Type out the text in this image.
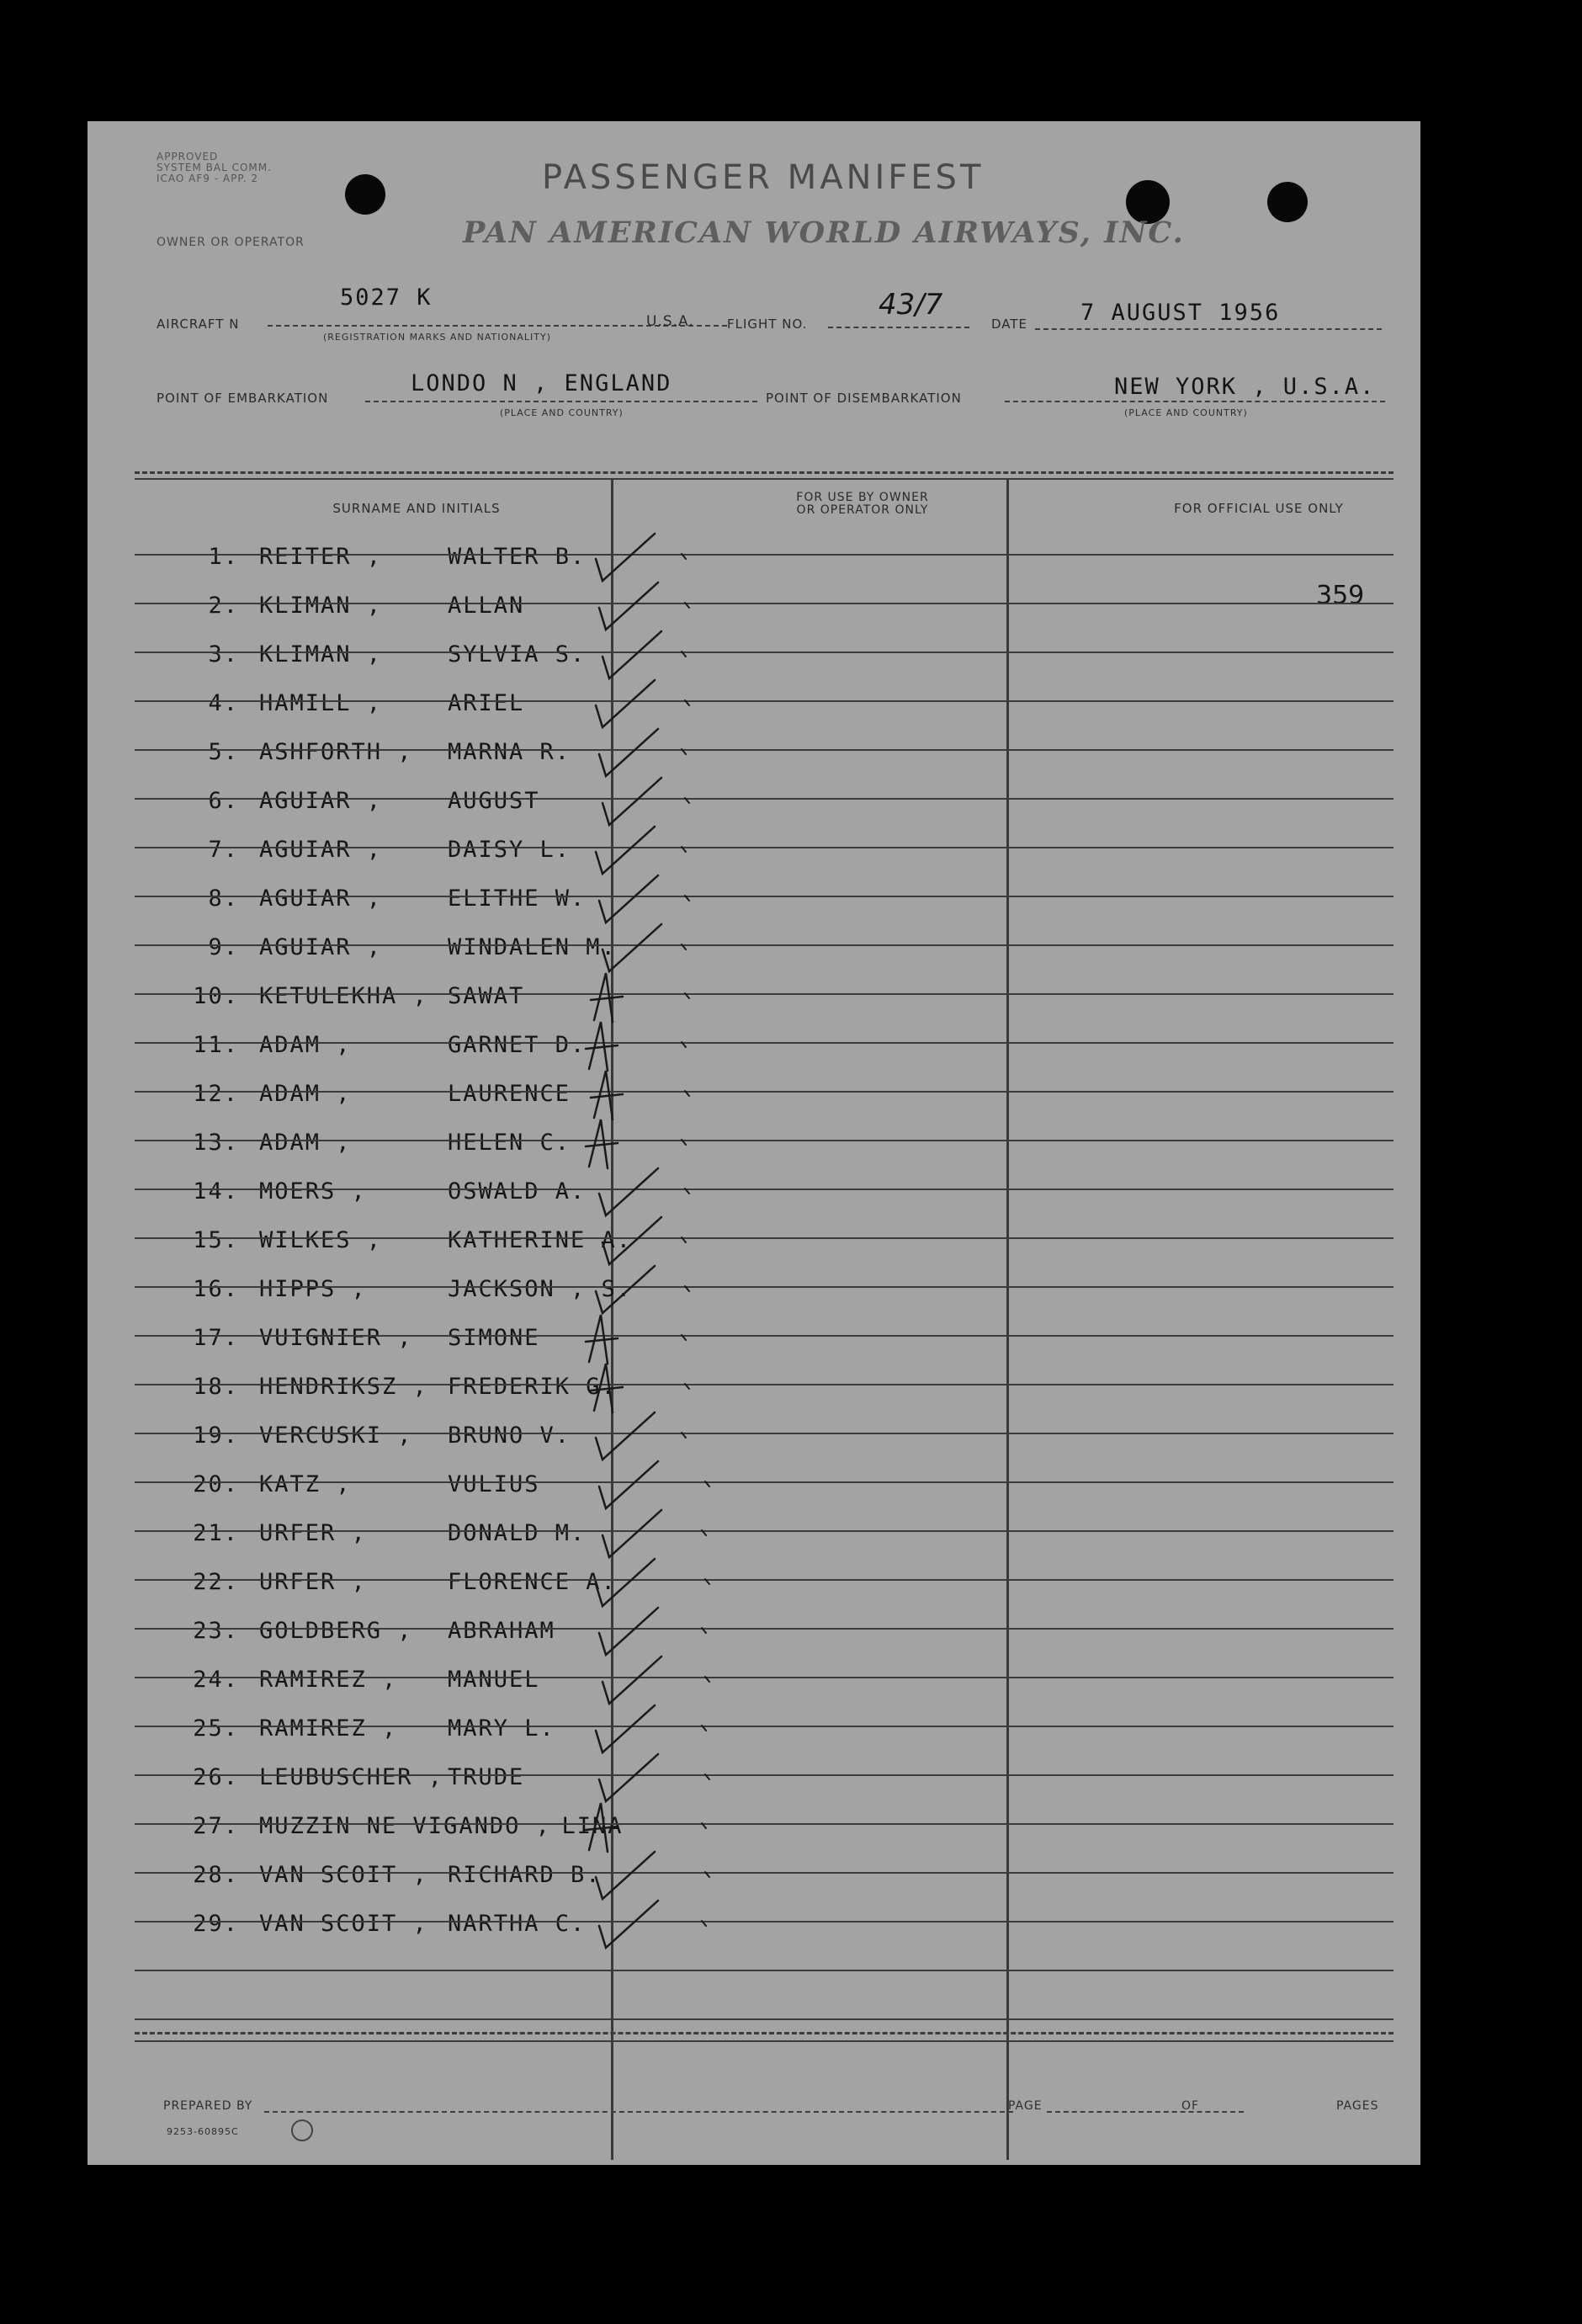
APPROVED
SYSTEM BAL COMM.
ICAO AF9 - APP. 2	PASSENGER MANIFEST
OWNER OR OPERATOR	PAN AMERICAN WORLD AIRWAYS, INC.
AIRCRAFT N
5027 K
(REGISTRATION MARKS AND NATIONALITY)
U.S.A.	FLIGHT NO.
43/7
DATE 7 AUGUST 1956
POINT OF EMBARKATION
LONDO N , ENGLAND
(PLACE AND COUNTRY)
POINT OF DISEMBARKATION	NEW YORK , U.S.A.
(PLACE AND COUNTRY)
SURNAME AND INITIALS
FOR USE BY OWNER
OR OPERATOR ONLY	FOR OFFICIAL USE ONLY
359
1. REITER ,	WALTER B.
2. KLIMAN ,	ALLAN
3. KLIMAN ,	SYLVIA S.
4. HAMILL ,	ARIEL
5. ASHFORTH , MARNA R.
6. AGUIAR ,	AUGUST
7. AGUIAR ,	DAISY L.
8. AGUIAR ,	ELITHE W.
9. AGUIAR ,	WINDALEN M.
10. KETULEKHA , SAWAT
11. ADAM ,	GARNET D.
12. ADAM ,	LAURENCE
13. ADAM ,	HELEN C.
14. MOERS ,	OSWALD A.
15. WILKES ,	KATHERINE A.
16. HIPPS ,	JACKSON , S.
17. VUIGNIER , SIMONE
18. HENDRIKSZ , FREDERIK G.
19. VERCUSKI , BRUNO V.
20. KATZ ,	VULIUS
21. URFER ,	DONALD M.
22. URFER ,	FLORENCE A.
23. GOLDBERG , ABRAHAM
24. RAMIREZ , MANUEL
25. RAMIREZ , MARY L.
26. LEUBUSCHER , TRUDE
27. MUZZIN NE VIGANDO , LINA
28. VAN SCOIT , RICHARD B.
29. VAN SCOIT , NARTHA C.
PREPARED BY
9253-60895C
PAGE	OF	PAGES
